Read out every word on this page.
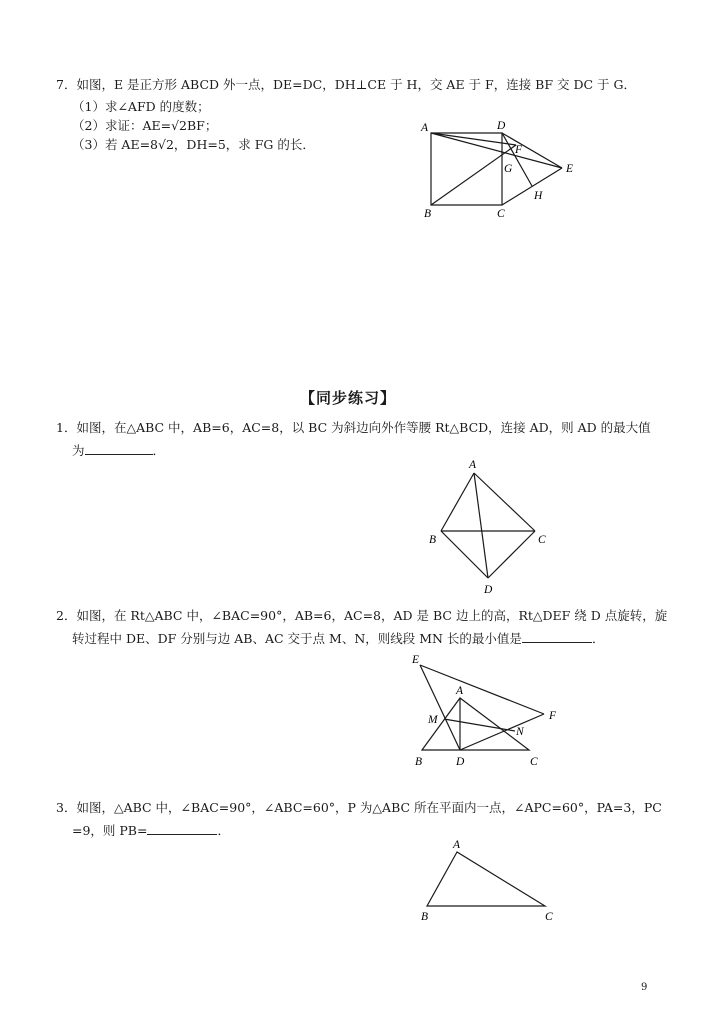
7．如图，E 是正方形 ABCD 外一点，DE=DC，DH⊥CE 于 H，交 AE 于 F，连接 BF 交 DC 于 G．
（1）求∠AFD 的度数；
（2）求证：AE=√2BF；
（3）若 AE=8√2，DH=5，求 FG 的长．
A	D
F
E
G
H
B	C
【同步练习】
1．如图，在△ABC 中，AB=6，AC=8，以 BC 为斜边向外作等腰 Rt△BCD，连接 AD，则 AD 的最大值
为	．
A
B	C
D
2．如图，在 Rt△ABC 中，∠BAC=90°，AB=6，AC=8，AD 是 BC 边上的高，Rt△DEF 绕 D 点旋转，旋
转过程中 DE、DF 分别与边 AB、AC 交于点 M、N，则线段 MN 长的最小值是	．
E
A
F
M
N
B	D	C
3．如图，△ABC 中，∠BAC=90°，∠ABC=60°，P 为△ABC 所在平面内一点，∠APC=60°，PA=3，PC
=9，则 PB=	．
A
B	C
9
